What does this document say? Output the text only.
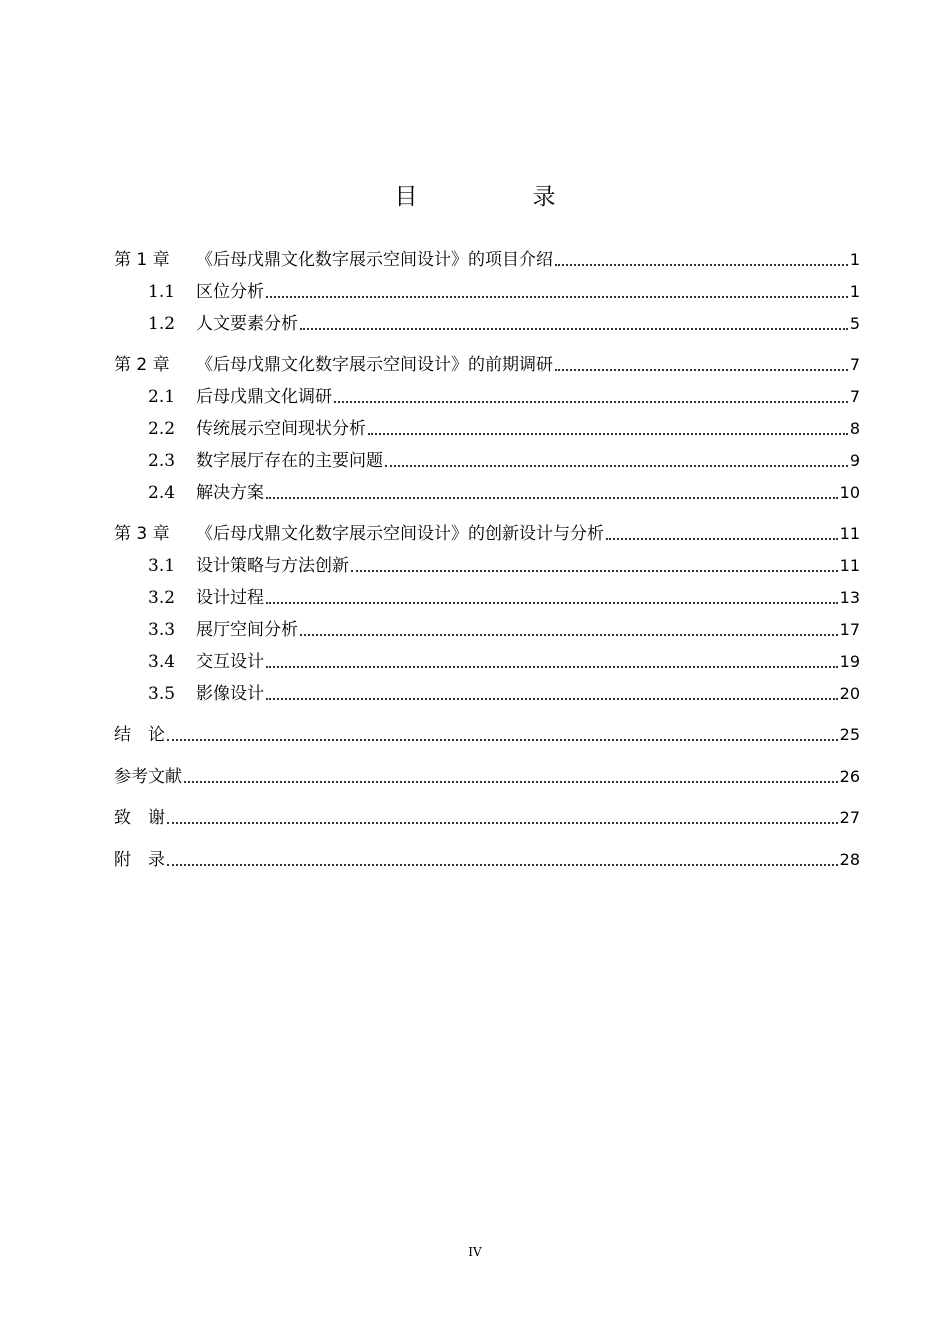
目　录
第 1 章	《后母戊鼎文化数字展示空间设计》的项目介绍	1
1.1	区位分析	1
1.2	人文要素分析	5
第 2 章	《后母戊鼎文化数字展示空间设计》的前期调研	7
2.1	后母戊鼎文化调研	7
2.2	传统展示空间现状分析	8
2.3	数字展厅存在的主要问题	9
2.4	解决方案	10
第 3 章	《后母戊鼎文化数字展示空间设计》的创新设计与分析	11
3.1	设计策略与方法创新	11
3.2	设计过程	13
3.3	展厅空间分析	17
3.4	交互设计	19
3.5	影像设计	20
结　论	25
参考文献	26
致　谢	27
附　录	28
IV
